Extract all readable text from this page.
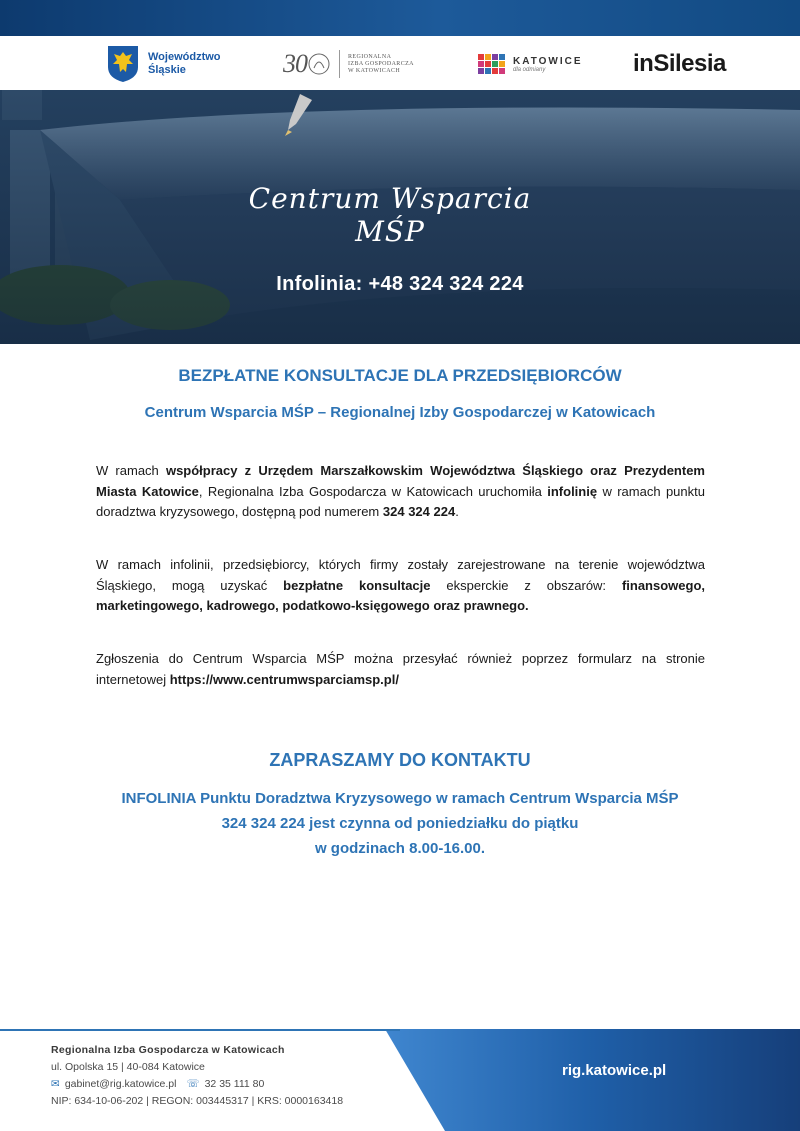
Województwo
Śląskie	30	REGIONALNA
IZBA GOSPODARCZA
W KATOWICACH
KATOWICE
dla odmiany	in Silesia
Centrum Wsparcia MŚP
Infolinia: +48 324 324 224
BEZPŁATNE KONSULTACJE DLA PRZEDSIĘBIORCÓW
Centrum Wsparcia MŚP – Regionalnej Izby Gospodarczej w Katowicach
W ramach współpracy z Urzędem Marszałkowskim Województwa Śląskiego oraz Prezydentem Miasta Katowice, Regionalna Izba Gospodarcza w Katowicach uruchomiła infolinię w ramach punktu doradztwa kryzysowego, dostępną pod numerem 324 324 224.
W ramach infolinii, przedsiębiorcy, których firmy zostały zarejestrowane na terenie województwa Śląskiego, mogą uzyskać bezpłatne konsultacje eksperckie z obszarów: finansowego, marketingowego, kadrowego, podatkowo-księgowego oraz prawnego.
Zgłoszenia do Centrum Wsparcia MŚP można przesyłać również poprzez formularz na stronie internetowej https://www.centrumwsparciamsp.pl/
ZAPRASZAMY DO KONTAKTU
INFOLINIA Punktu Doradztwa Kryzysowego w ramach Centrum Wsparcia MŚP
324 324 224 jest czynna od poniedziałku do piątku
w godzinach 8.00-16.00.
Regionalna Izba Gospodarcza w Katowicach
ul. Opolska 15 | 40-084 Katowice
✉ gabinet@rig.katowice.pl ☏ 32 35 111 80
NIP: 634-10-06-202 | REGON: 003445317 | KRS: 0000163418
rig.katowice.pl
